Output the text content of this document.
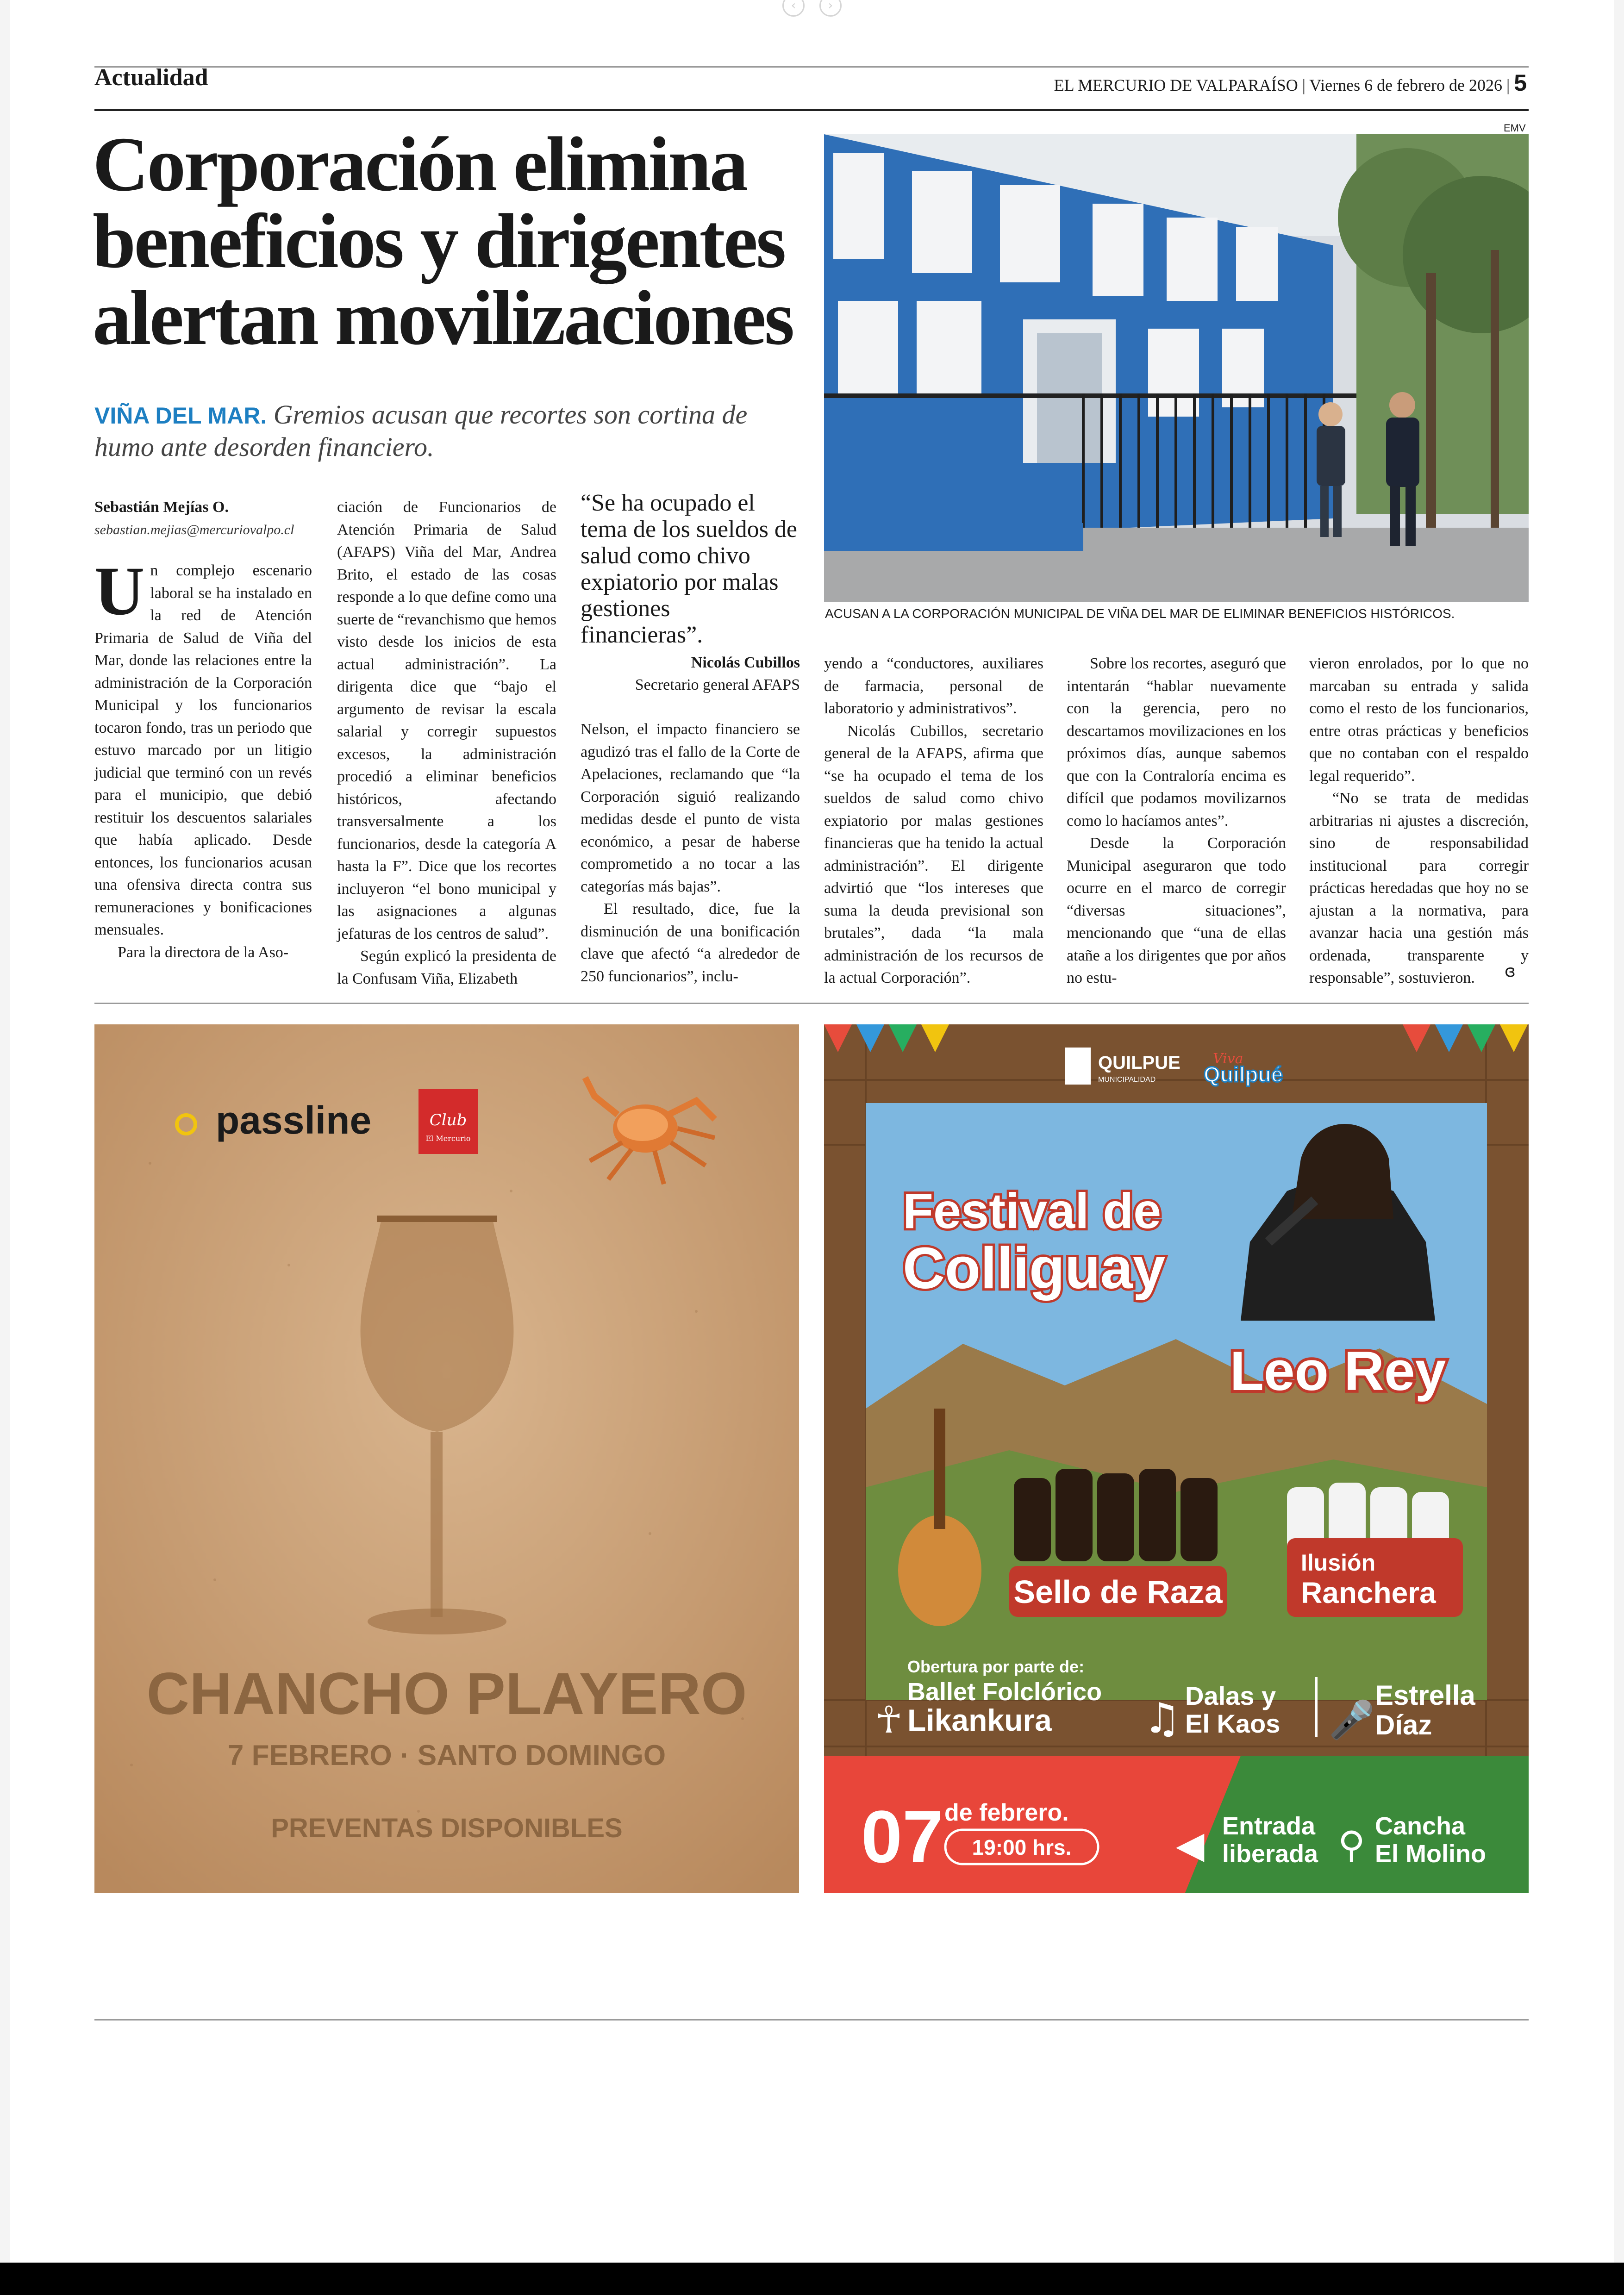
‹	›
Actualidad	EL MERCURIO DE VALPARAÍSO | Viernes 6 de febrero de 2026 | 5
Corporación elimina
beneficios y dirigentes
alertan movilizaciones
VIÑA DEL MAR. Gremios acusan que recortes son cortina de
humo ante desorden financiero.
Sebastián Mejías O.
sebastian.mejias@mercuriovalpo.cl
Un complejo escenario laboral se ha instalado en la red de Atención Primaria de Salud de Viña del Mar, donde las relaciones entre la administración de la Corporación Municipal y los funcionarios tocaron fondo, tras un periodo que estuvo marcado por un litigio judicial que terminó con un revés para el municipio, que debió restituir los descuentos salariales que había aplicado. Desde entonces, los funcionarios acusan una ofensiva directa contra sus remuneraciones y bonificaciones mensuales.
Para la directora de la Aso-
ciación de Funcionarios de Atención Primaria de Salud (AFAPS) Viña del Mar, Andrea Brito, el estado de las cosas responde a lo que define como una suerte de “revanchismo que hemos visto desde los inicios de esta actual administración”. La dirigenta dice que “bajo el argumento de revisar la escala salarial y corregir supuestos excesos, la administración procedió a eliminar beneficios históricos, afectando transversalmente a los funcionarios, desde la categoría A hasta la F”. Dice que los recortes incluyeron “el bono municipal y las asignaciones a algunas jefaturas de los centros de salud”.
Según explicó la presidenta de la Confusam Viña, Elizabeth
“Se ha ocupado el tema de los sueldos de salud como chivo expiatorio por malas gestiones financieras”.
Nicolás Cubillos
Secretario general AFAPS
Nelson, el impacto financiero se agudizó tras el fallo de la Corte de Apelaciones, reclamando que “la Corporación siguió realizando medidas desde el punto de vista económico, a pesar de haberse comprometido a no tocar a las categorías más bajas”.
El resultado, dice, fue la disminución de una bonificación clave que afectó “a alrededor de 250 funcionarios”, inclu-
yendo a “conductores, auxiliares de farmacia, personal de laboratorio y administrativos”.
Nicolás Cubillos, secretario general de la AFAPS, afirma que “se ha ocupado el tema de los sueldos de salud como chivo expiatorio por malas gestiones financieras que ha tenido la actual administración”. El dirigente advirtió que “los intereses que suma la deuda previsional son brutales”, dada “la mala administración de los recursos de la actual Corporación”.
Sobre los recortes, aseguró que intentarán “hablar nuevamente con la gerencia, pero no descartamos movilizaciones en los próximos días, aunque sabemos que con la Contraloría encima es difícil que podamos movilizarnos como lo hacíamos antes”.
Desde la Corporación Municipal aseguraron que todo ocurre en el marco de corregir “diversas situaciones”, mencionando que “una de ellas atañe a los dirigentes que por años no estu-
vieron enrolados, por lo que no marcaban su entrada y salida como el resto de los funcionarios, entre otras prácticas y beneficios que no contaban con el respaldo legal requerido”.
“No se trata de medidas arbitrarias ni ajustes a discreción, sino de responsabilidad institucional para corregir prácticas heredadas que hoy no se ajustan a la normativa, para avanzar hacia una gestión más ordenada, transparente y responsable”, sostuvieron.	ɞ
EMV
ACUSAN A LA CORPORACIÓN MUNICIPAL DE VIÑA DEL MAR DE ELIMINAR BENEFICIOS HISTÓRICOS.
passline	Club
El Mercurio
CHANCHO PLAYERO
7 FEBRERO · SANTO DOMINGO
PREVENTAS DISPONIBLES
QUILPUE
MUNICIPALIDAD
Viva
Quilpué
Festival de
Colliguay
Leo Rey
Sello de Raza
Ilusión
Ranchera
Obertura por parte de:
☥
Ballet Folclórico
Likankura ♫ Dalas y
El Kaos 🎤
Estrella
Díaz
07 de febrero.
19:00 hrs.	◀ Entrada
liberada ⚲ Cancha
El Molino
